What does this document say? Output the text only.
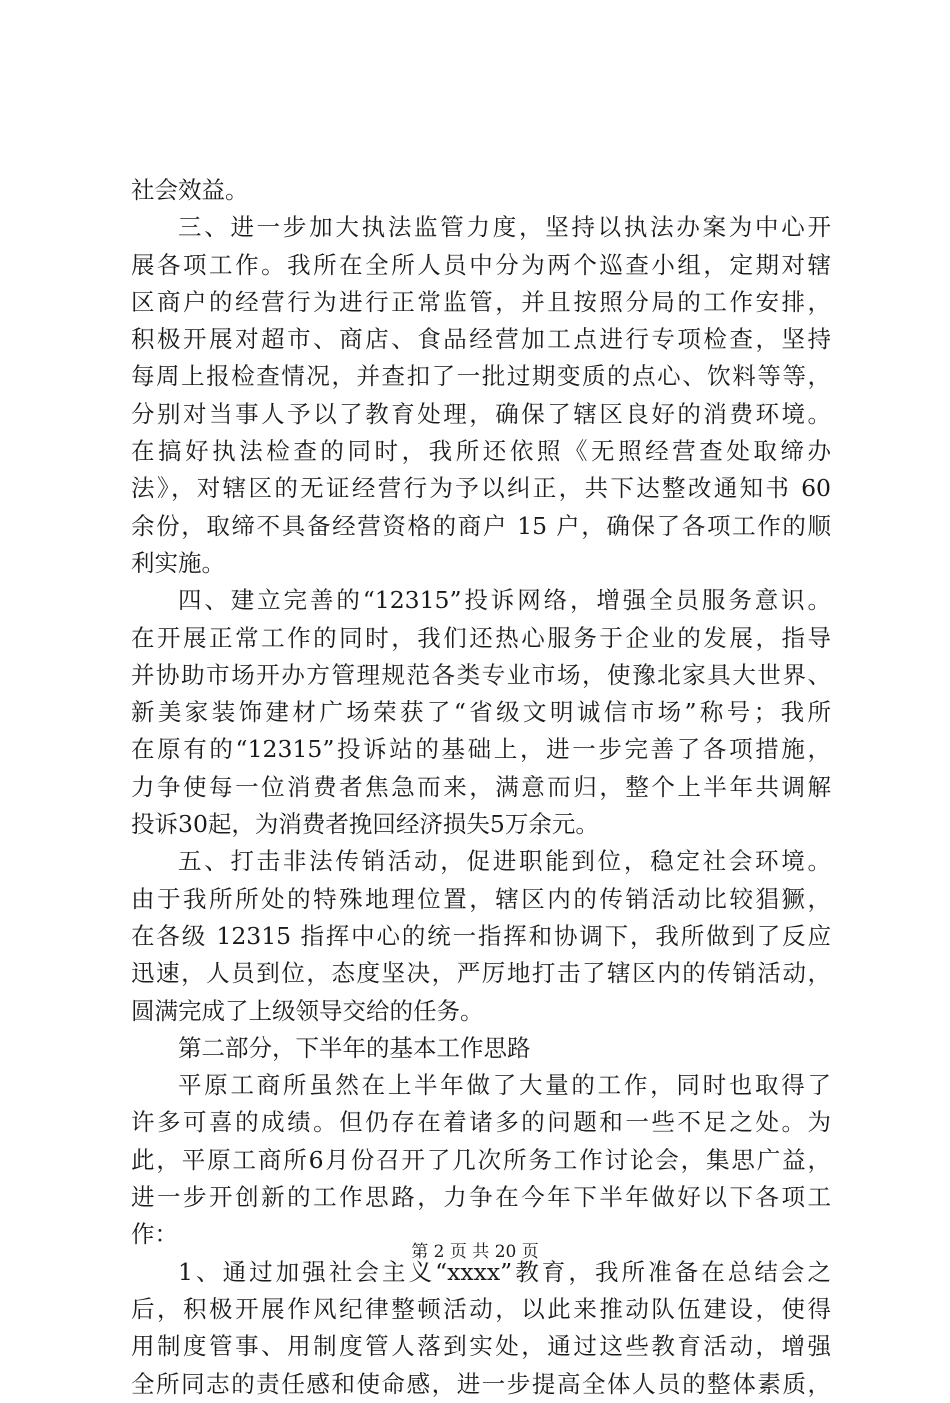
社会效益。
三、进一步加大执法监管力度，坚持以执法办案为中心开
展各项工作。我所在全所人员中分为两个巡查小组，定期对辖
区商户的经营行为进行正常监管，并且按照分局的工作安排，
积极开展对超市、商店、食品经营加工点进行专项检查，坚持
每周上报检查情况，并查扣了一批过期变质的点心、饮料等等，
分别对当事人予以了教育处理，确保了辖区良好的消费环境。
在搞好执法检查的同时，我所还依照《无照经营查处取缔办
法》，对辖区的无证经营行为予以纠正，共下达整改通知书 60
余份，取缔不具备经营资格的商户 15 户，确保了各项工作的顺
利实施。
四、建立完善的“12315”投诉网络，增强全员服务意识。
在开展正常工作的同时，我们还热心服务于企业的发展，指导
并协助市场开办方管理规范各类专业市场，使豫北家具大世界、
新美家装饰建材广场荣获了“省级文明诚信市场”称号；我所
在原有的“12315”投诉站的基础上，进一步完善了各项措施，
力争使每一位消费者焦急而来，满意而归，整个上半年共调解
投诉30起，为消费者挽回经济损失5万余元。
五、打击非法传销活动，促进职能到位，稳定社会环境。
由于我所所处的特殊地理位置，辖区内的传销活动比较猖獗，
在各级 12315 指挥中心的统一指挥和协调下，我所做到了反应
迅速，人员到位，态度坚决，严厉地打击了辖区内的传销活动，
圆满完成了上级领导交给的任务。
第二部分，下半年的基本工作思路
平原工商所虽然在上半年做了大量的工作，同时也取得了
许多可喜的成绩。但仍存在着诸多的问题和一些不足之处。为
此，平原工商所6月份召开了几次所务工作讨论会，集思广益，
进一步开创新的工作思路，力争在今年下半年做好以下各项工
作：
1、通过加强社会主义“xxxx”教育，我所准备在总结会之
后，积极开展作风纪律整顿活动，以此来推动队伍建设，使得
用制度管事、用制度管人落到实处，通过这些教育活动，增强
全所同志的责任感和使命感，进一步提高全体人员的整体素质，
第 2 页 共 20 页
